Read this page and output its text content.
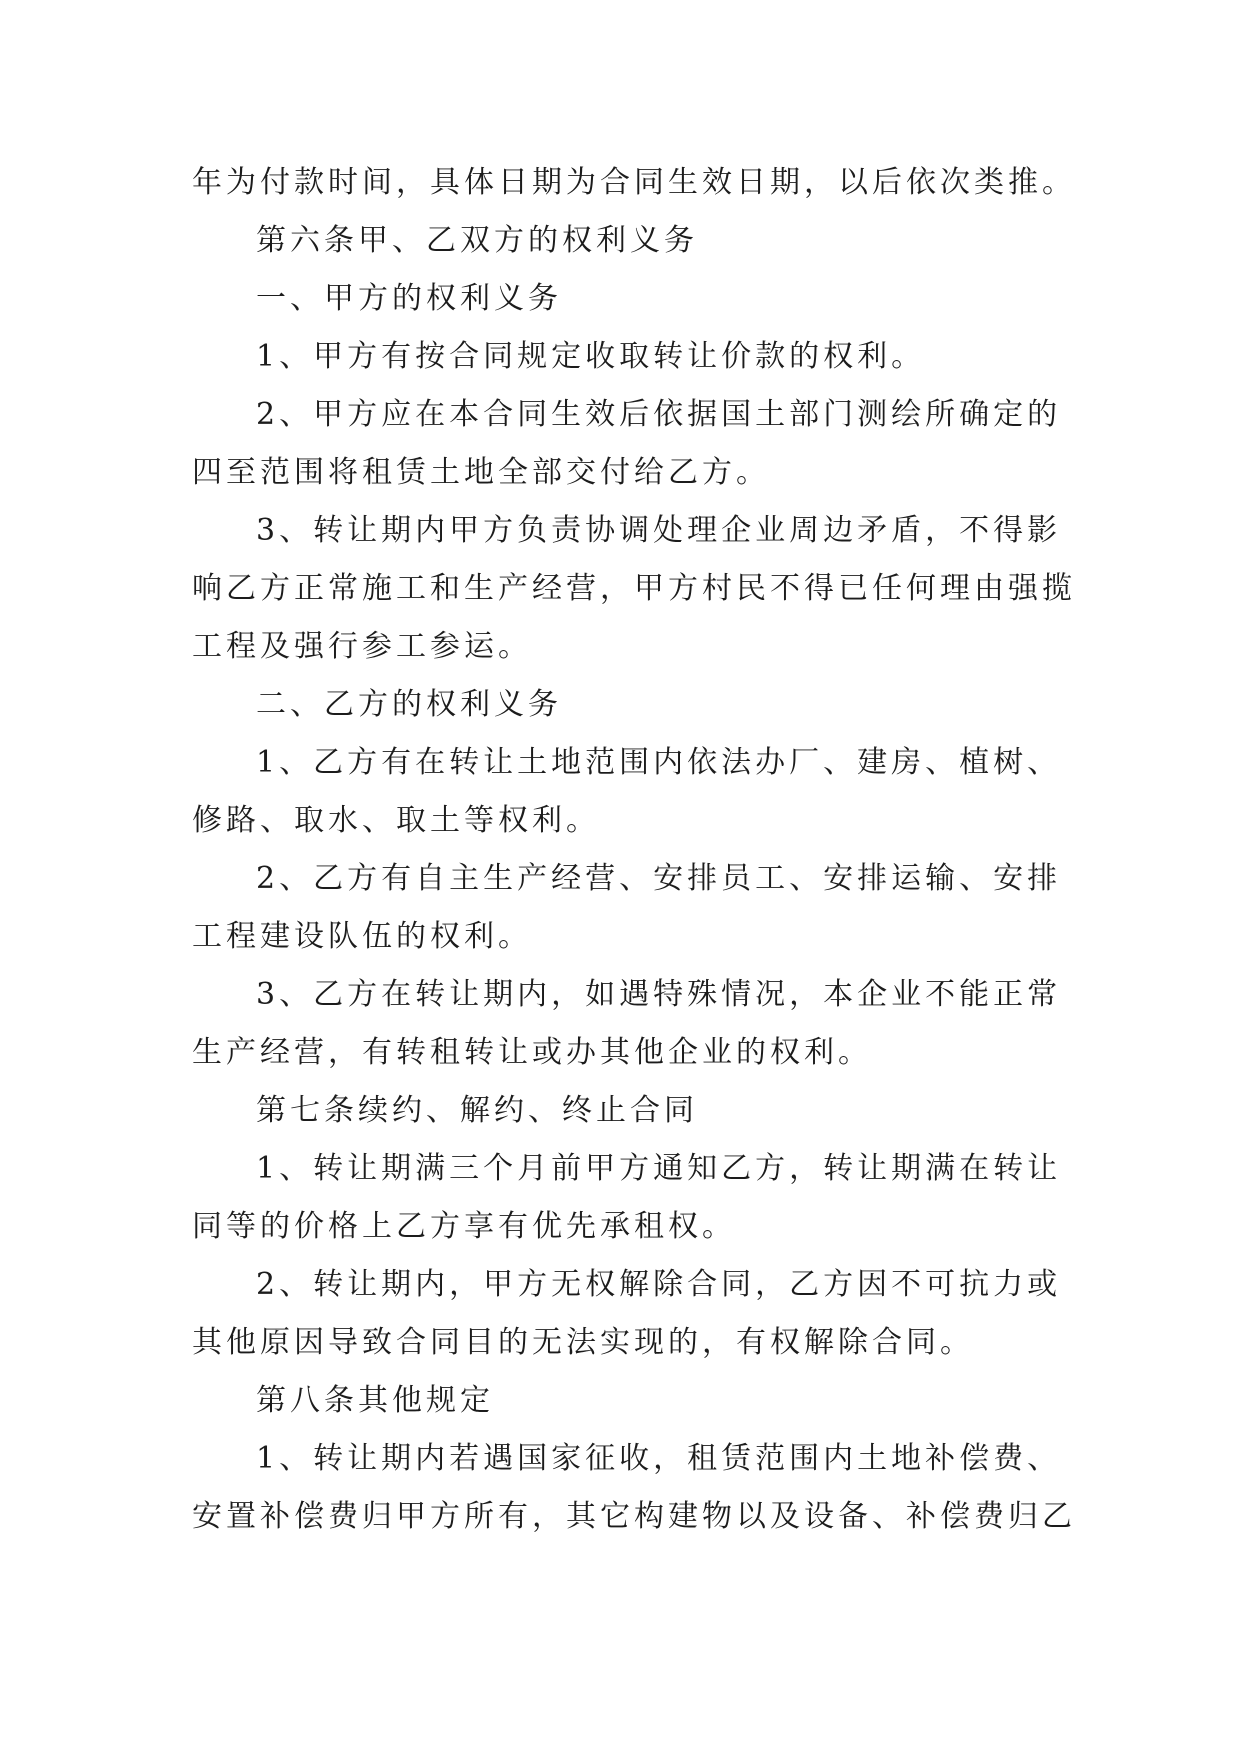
年为付款时间，具体日期为合同生效日期，以后依次类推。

第六条甲、乙双方的权利义务

一、甲方的权利义务

1、甲方有按合同规定收取转让价款的权利。

2、甲方应在本合同生效后依据国土部门测绘所确定的
四至范围将租赁土地全部交付给乙方。

3、转让期内甲方负责协调处理企业周边矛盾，不得影
响乙方正常施工和生产经营，甲方村民不得已任何理由强揽
工程及强行参工参运。

二、乙方的权利义务

1、乙方有在转让土地范围内依法办厂、建房、植树、
修路、取水、取土等权利。

2、乙方有自主生产经营、安排员工、安排运输、安排
工程建设队伍的权利。

3、乙方在转让期内，如遇特殊情况，本企业不能正常
生产经营，有转租转让或办其他企业的权利。

第七条续约、解约、终止合同

1、转让期满三个月前甲方通知乙方，转让期满在转让
同等的价格上乙方享有优先承租权。

2、转让期内，甲方无权解除合同，乙方因不可抗力或
其他原因导致合同目的无法实现的，有权解除合同。

第八条其他规定

1、转让期内若遇国家征收，租赁范围内土地补偿费、
安置补偿费归甲方所有，其它构建物以及设备、补偿费归乙
